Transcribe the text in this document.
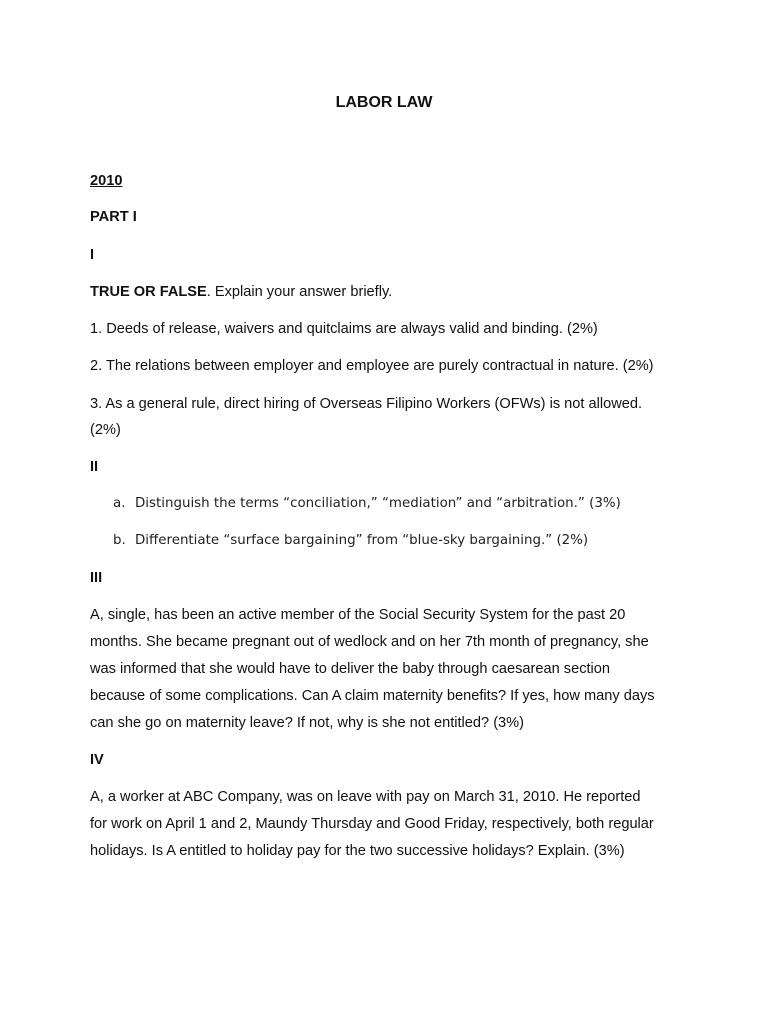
LABOR LAW
2010
PART I
I
TRUE OR FALSE. Explain your answer briefly.
1. Deeds of release, waivers and quitclaims are always valid and binding. (2%)
2. The relations between employer and employee are purely contractual in nature. (2%)
3. As a general rule, direct hiring of Overseas Filipino Workers (OFWs) is not allowed.
(2%)
II
a. Distinguish the terms “conciliation,” “mediation” and “arbitration.” (3%)
b. Differentiate “surface bargaining” from “blue-sky bargaining.” (2%)
III
A, single, has been an active member of the Social Security System for the past 20
months. She became pregnant out of wedlock and on her 7th month of pregnancy, she
was informed that she would have to deliver the baby through caesarean section
because of some complications. Can A claim maternity benefits? If yes, how many days
can she go on maternity leave? If not, why is she not entitled? (3%)
IV
A, a worker at ABC Company, was on leave with pay on March 31, 2010. He reported
for work on April 1 and 2, Maundy Thursday and Good Friday, respectively, both regular
holidays. Is A entitled to holiday pay for the two successive holidays? Explain. (3%)
